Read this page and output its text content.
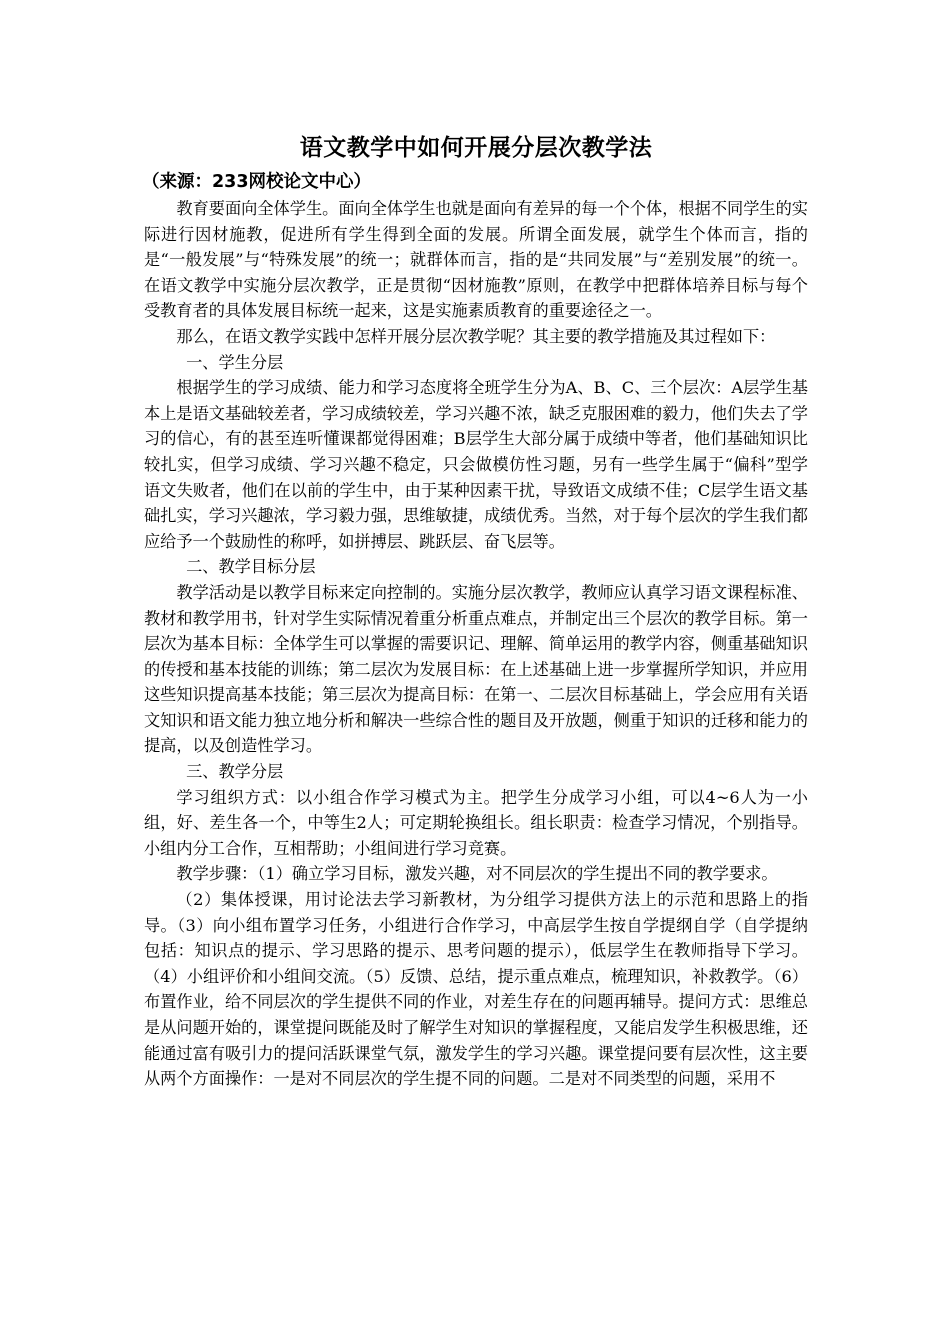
语文教学中如何开展分层次教学法
（来源：233网校论文中心）

教育要面向全体学生。面向全体学生也就是面向有差异的每一个个体，根据不同学生的实际进行因材施教，促进所有学生得到全面的发展。所谓全面发展，就学生个体而言，指的是“一般发展”与“特殊发展”的统一；就群体而言，指的是“共同发展”与“差别发展”的统一。在语文教学中实施分层次教学，正是贯彻“因材施教”原则，在教学中把群体培养目标与每个受教育者的具体发展目标统一起来，这是实施素质教育的重要途径之一。

那么，在语文教学实践中怎样开展分层次教学呢？其主要的教学措施及其过程如下：

一、学生分层

根据学生的学习成绩、能力和学习态度将全班学生分为A、B、C、三个层次：A层学生基本上是语文基础较差者，学习成绩较差，学习兴趣不浓，缺乏克服困难的毅力，他们失去了学习的信心，有的甚至连听懂课都觉得困难；B层学生大部分属于成绩中等者，他们基础知识比较扎实，但学习成绩、学习兴趣不稳定，只会做模仿性习题，另有一些学生属于“偏科”型学语文失败者，他们在以前的学生中，由于某种因素干扰，导致语文成绩不佳；C层学生语文基础扎实，学习兴趣浓，学习毅力强，思维敏捷，成绩优秀。当然，对于每个层次的学生我们都应给予一个鼓励性的称呼，如拼搏层、跳跃层、奋飞层等。

二、教学目标分层

教学活动是以教学目标来定向控制的。实施分层次教学，教师应认真学习语文课程标准、教材和教学用书，针对学生实际情况着重分析重点难点，并制定出三个层次的教学目标。第一层次为基本目标：全体学生可以掌握的需要识记、理解、简单运用的教学内容，侧重基础知识的传授和基本技能的训练；第二层次为发展目标：在上述基础上进一步掌握所学知识，并应用这些知识提高基本技能；第三层次为提高目标：在第一、二层次目标基础上，学会应用有关语文知识和语文能力独立地分析和解决一些综合性的题目及开放题，侧重于知识的迁移和能力的提高，以及创造性学习。

三、教学分层

学习组织方式：以小组合作学习模式为主。把学生分成学习小组，可以4~6人为一小组，好、差生各一个，中等生2人；可定期轮换组长。组长职责：检查学习情况，个别指导。小组内分工合作，互相帮助；小组间进行学习竞赛。

教学步骤：（1）确立学习目标，激发兴趣，对不同层次的学生提出不同的教学要求。

（2）集体授课，用讨论法去学习新教材，为分组学习提供方法上的示范和思路上的指导。（3）向小组布置学习任务，小组进行合作学习，中高层学生按自学提纲自学（自学提纳包括：知识点的提示、学习思路的提示、思考问题的提示），低层学生在教师指导下学习。（4）小组评价和小组间交流。（5）反馈、总结，提示重点难点，梳理知识，补救教学。（6）布置作业，给不同层次的学生提供不同的作业，对差生存在的问题再辅导。提问方式：思维总是从问题开始的，课堂提问既能及时了解学生对知识的掌握程度，又能启发学生积极思维，还能通过富有吸引力的提问活跃课堂气氛，激发学生的学习兴趣。课堂提问要有层次性，这主要从两个方面操作：一是对不同层次的学生提不同的问题。二是对不同类型的问题，采用不
